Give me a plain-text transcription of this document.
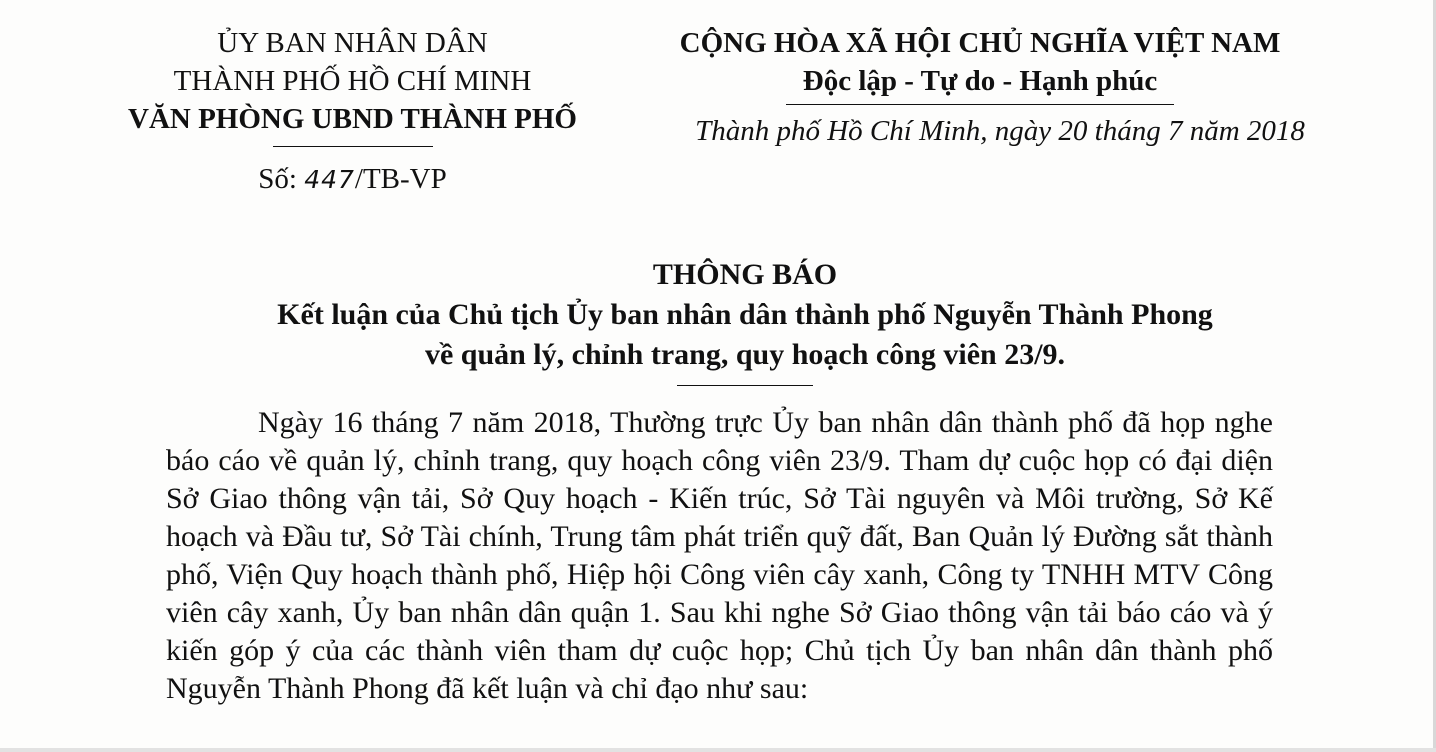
ỦY BAN NHÂN DÂN
THÀNH PHỐ HỒ CHÍ MINH
VĂN PHÒNG UBND THÀNH PHỐ
Số: 447/TB-VP
CỘNG HÒA XÃ HỘI CHỦ NGHĨA VIỆT NAM
Độc lập - Tự do - Hạnh phúc
Thành phố Hồ Chí Minh, ngày 20 tháng 7 năm 2018
THÔNG BÁO
Kết luận của Chủ tịch Ủy ban nhân dân thành phố Nguyễn Thành Phong
về quản lý, chỉnh trang, quy hoạch công viên 23/9.
Ngày 16 tháng 7 năm 2018, Thường trực Ủy ban nhân dân thành phố đã họp nghe báo cáo về quản lý, chỉnh trang, quy hoạch công viên 23/9. Tham dự cuộc họp có đại diện Sở Giao thông vận tải, Sở Quy hoạch - Kiến trúc, Sở Tài nguyên và Môi trường, Sở Kế hoạch và Đầu tư, Sở Tài chính, Trung tâm phát triển quỹ đất, Ban Quản lý Đường sắt thành phố, Viện Quy hoạch thành phố, Hiệp hội Công viên cây xanh, Công ty TNHH MTV Công viên cây xanh, Ủy ban nhân dân quận 1. Sau khi nghe Sở Giao thông vận tải báo cáo và ý kiến góp ý của các thành viên tham dự cuộc họp; Chủ tịch Ủy ban nhân dân thành phố Nguyễn Thành Phong đã kết luận và chỉ đạo như sau:
